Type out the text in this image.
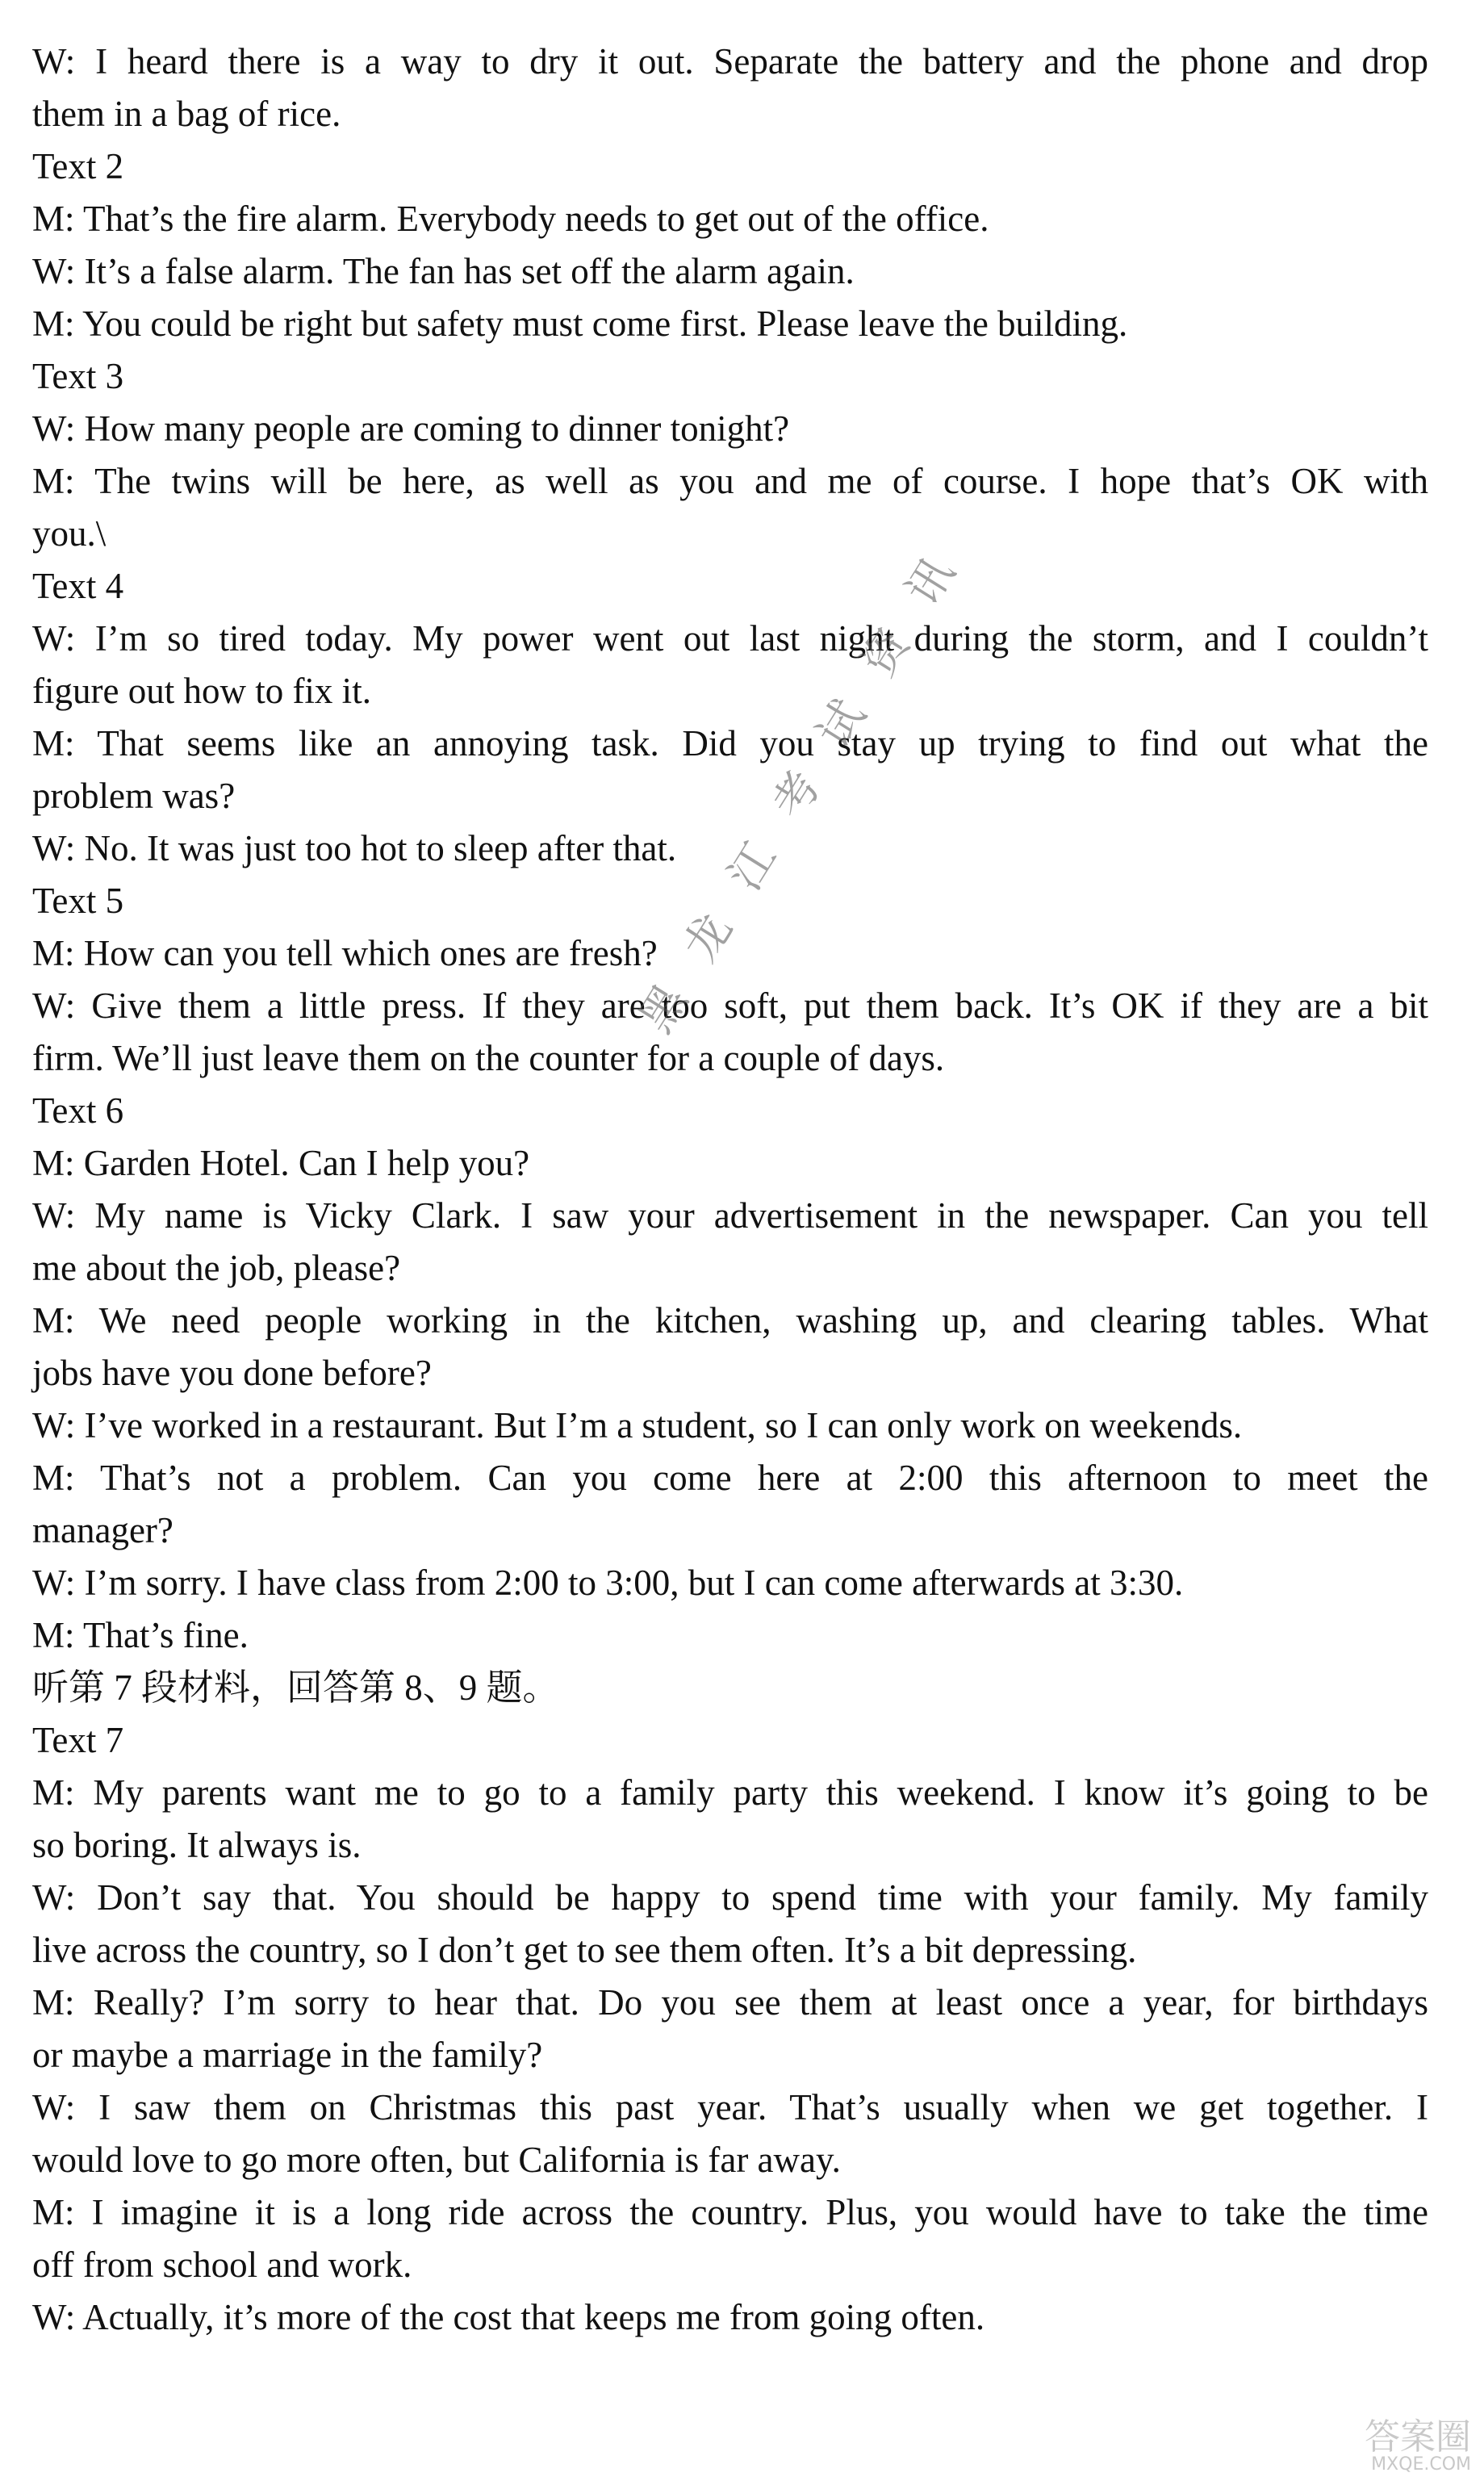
W: I heard there is a way to dry it out. Separate the battery and the phone and drop
them in a bag of rice.
Text 2
M: That’s the fire alarm. Everybody needs to get out of the office.
W: It’s a false alarm. The fan has set off the alarm again.
M: You could be right but safety must come first. Please leave the building.
Text 3
W: How many people are coming to dinner tonight?
M: The twins will be here, as well as you and me of course. I hope that’s OK with
you.\
Text 4
W: I’m so tired today. My power went out last night during the storm, and I couldn’t
figure out how to fix it.
M: That seems like an annoying task. Did you stay up trying to find out what the
problem was?
W: No. It was just too hot to sleep after that.
Text 5
M: How can you tell which ones are fresh?
W: Give them a little press. If they are too soft, put them back. It’s OK if they are a bit
firm. We’ll just leave them on the counter for a couple of days.
Text 6
M: Garden Hotel. Can I help you?
W: My name is Vicky Clark. I saw your advertisement in the newspaper. Can you tell
me about the job, please?
M: We need people working in the kitchen, washing up, and clearing tables. What
jobs have you done before?
W: I’ve worked in a restaurant. But I’m a student, so I can only work on weekends.
M: That’s not a problem. Can you come here at 2:00 this afternoon to meet the
manager?
W: I’m sorry. I have class from 2:00 to 3:00, but I can come afterwards at 3:30.
M: That’s fine.
听第 7 段材料，回答第 8、9 题。
Text 7
M: My parents want me to go to a family party this weekend. I know it’s going to be
so boring. It always is.
W: Don’t say that. You should be happy to spend time with your family. My family
live across the country, so I don’t get to see them often. It’s a bit depressing.
M: Really? I’m sorry to hear that. Do you see them at least once a year, for birthdays
or maybe a marriage in the family?
W: I saw them on Christmas this past year. That’s usually when we get together. I
would love to go more often, but California is far away.
M: I imagine it is a long ride across the country. Plus, you would have to take the time
off from school and work.
W: Actually, it’s more of the cost that keeps me from going often.
黑龙江考试资讯
答案圈
MXQE.COM
